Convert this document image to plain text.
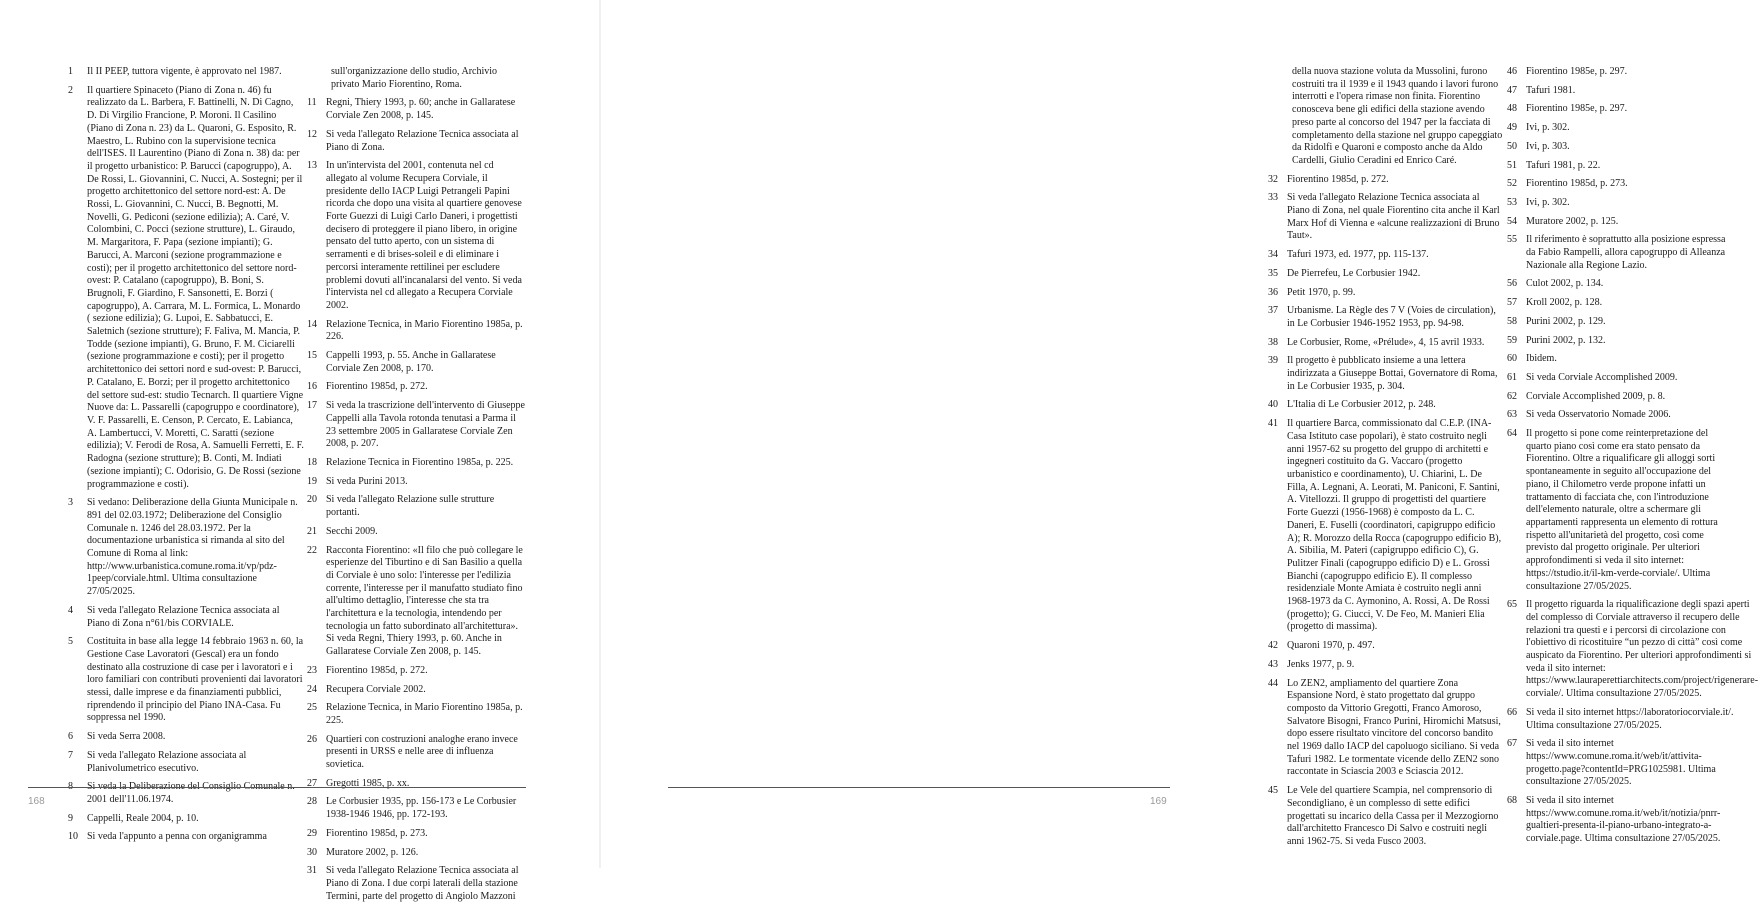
1	Il II PEEP, tuttora vigente, è approvato nel 1987.
2	Il quartiere Spinaceto (Piano di Zona n. 46) fu realizzato da L. Barbera, F. Battinelli, N. Di Cagno, D. Di Virgilio Francione, P. Moroni. Il Casilino (Piano di Zona n. 23) da L. Quaroni, G. Esposito, R. Maestro, L. Rubino con la supervisione tecnica dell'ISES. Il Laurentino (Piano di Zona n. 38) da: per il progetto urbanistico: P. Barucci (capogruppo), A. De Rossi, L. Giovannini, C. Nucci, A. Sostegni; per il progetto architettonico del settore nord-est: A. De Rossi, L. Giovannini, C. Nucci, B. Begnotti, M. Novelli, G. Pediconi (sezione edilizia); A. Caré, V. Colombini, C. Pocci (sezione strutture), L. Giraudo, M. Margaritora, F. Papa (sezione impianti); G. Barucci, A. Marconi (sezione programmazione e costi); per il progetto architettonico del settore nord-ovest: P. Catalano (capogruppo), B. Boni, S. Brugnoli, F. Giardino, F. Sansonetti, E. Borzi ( capogruppo), A. Carrara, M. L. Formica, L. Monardo ( sezione edilizia); G. Lupoi, E. Sabbatucci, E. Saletnich (sezione strutture); F. Faliva, M. Mancia, P. Todde (sezione impianti), G. Bruno, F. M. Ciciarelli (sezione programmazione e costi); per il progetto architettonico dei settori nord e sud-ovest: P. Barucci, P. Catalano, E. Borzi; per il progetto architettonico del settore sud-est: studio Tecnarch. Il quartiere Vigne Nuove da: L. Passarelli (capogruppo e coordinatore), V. F. Passarelli, E. Censon, P. Cercato, E. Labianca, A. Lambertucci, V. Moretti, C. Saratti (sezione edilizia); V. Ferodi de Rosa, A. Samuelli Ferretti, E. F. Radogna (sezione strutture); B. Conti, M. Indiati (sezione impianti); C. Odorisio, G. De Rossi (sezione programmazione e costi).
3	Si vedano: Deliberazione della Giunta Municipale n. 891 del 02.03.1972; Deliberazione del Consiglio Comunale n. 1246 del 28.03.1972. Per la documentazione urbanistica si rimanda al sito del Comune di Roma al link: http://www.urbanistica.comune.roma.it/vp/pdz-1peep/corviale.html. Ultima consultazione 27/05/2025.
4	Si veda l'allegato Relazione Tecnica associata al Piano di Zona n°61/bis CORVIALE.
5	Costituita in base alla legge 14 febbraio 1963 n. 60, la Gestione Case Lavoratori (Gescal) era un fondo destinato alla costruzione di case per i lavoratori e i loro familiari con contributi provenienti dai lavoratori stessi, dalle imprese e da finanziamenti pubblici, riprendendo il principio del Piano INA-Casa. Fu soppressa nel 1990.
6	Si veda Serra 2008.
7	Si veda l'allegato Relazione associata al Planivolumetrico esecutivo.
8	Si veda la Deliberazione del Consiglio Comunale n. 2001 dell'11.06.1974.
9	Cappelli, Reale 2004, p. 10.
10 Si veda l'appunto a penna con organigramma
sull'organizzazione dello studio, Archivio privato Mario Fiorentino, Roma.
11 Regni, Thiery 1993, p. 60; anche in Gallaratese Corviale Zen 2008, p. 145.
12 Si veda l'allegato Relazione Tecnica associata al Piano di Zona.
13 In un'intervista del 2001, contenuta nel cd allegato al volume Recupera Corviale, il presidente dello IACP Luigi Petrangeli Papini ricorda che dopo una visita al quartiere genovese Forte Guezzi di Luigi Carlo Daneri, i progettisti decisero di proteggere il piano libero, in origine pensato del tutto aperto, con un sistema di serramenti e di brises-soleil e di eliminare i percorsi interamente rettilinei per escludere problemi dovuti all'incanalarsi del vento. Si veda l'intervista nel cd allegato a Recupera Corviale 2002.
14 Relazione Tecnica, in Mario Fiorentino 1985a, p. 226.
15 Cappelli 1993, p. 55. Anche in Gallaratese Corviale Zen 2008, p. 170.
16 Fiorentino 1985d, p. 272.
17 Si veda la trascrizione dell'intervento di Giuseppe Cappelli alla Tavola rotonda tenutasi a Parma il 23 settembre 2005 in Gallaratese Corviale Zen 2008, p. 207.
18 Relazione Tecnica in Fiorentino 1985a, p. 225.
19 Si veda Purini 2013.
20 Si veda l'allegato Relazione sulle strutture portanti.
21 Secchi 2009.
22 Racconta Fiorentino: «Il filo che può collegare le esperienze del Tiburtino e di San Basilio a quella di Corviale è uno solo: l'interesse per l'edilizia corrente, l'interesse per il manufatto studiato fino all'ultimo dettaglio, l'interesse che sta tra l'architettura e la tecnologia, intendendo per tecnologia un fatto subordinato all'architettura». Si veda Regni, Thiery 1993, p. 60. Anche in Gallaratese Corviale Zen 2008, p. 145.
23 Fiorentino 1985d, p. 272.
24 Recupera Corviale 2002.
25 Relazione Tecnica, in Mario Fiorentino 1985a, p. 225.
26 Quartieri con costruzioni analoghe erano invece presenti in URSS e nelle aree di influenza sovietica.
27 Gregotti 1985, p. xx.
28 Le Corbusier 1935, pp. 156-173 e Le Corbusier 1938-1946 1946, pp. 172-193.
29 Fiorentino 1985d, p. 273.
30 Muratore 2002, p. 126.
31 Si veda l'allegato Relazione Tecnica associata al Piano di Zona. I due corpi laterali della stazione Termini, parte del progetto di Angiolo Mazzoni
della nuova stazione voluta da Mussolini, furono costruiti tra il 1939 e il 1943 quando i lavori furono interrotti e l'opera rimase non finita. Fiorentino conosceva bene gli edifici della stazione avendo preso parte al concorso del 1947 per la facciata di completamento della stazione nel gruppo capeggiato da Ridolfi e Quaroni e composto anche da Aldo Cardelli, Giulio Ceradini ed Enrico Caré.
32 Fiorentino 1985d, p. 272.
33 Si veda l'allegato Relazione Tecnica associata al Piano di Zona, nel quale Fiorentino cita anche il Karl Marx Hof di Vienna e «alcune realizzazioni di Bruno Taut».
34 Tafuri 1973, ed. 1977, pp. 115-137.
35 De Pierrefeu, Le Corbusier 1942.
36 Petit 1970, p. 99.
37 Urbanisme. La Règle des 7 V (Voies de circulation), in Le Corbusier 1946-1952 1953, pp. 94-98.
38 Le Corbusier, Rome, «Prélude», 4, 15 avril 1933.
39 Il progetto è pubblicato insieme a una lettera indirizzata a Giuseppe Bottai, Governatore di Roma, in Le Corbusier 1935, p. 304.
40 L'Italia di Le Corbusier 2012, p. 248.
41 Il quartiere Barca, commissionato dal C.E.P. (INA-Casa Istituto case popolari), è stato costruito negli anni 1957-62 su progetto del gruppo di architetti e ingegneri costituito da G. Vaccaro (progetto urbanistico e coordinamento), U. Chiarini, L. De Filla, A. Legnani, A. Leorati, M. Paniconi, F. Santini, A. Vitellozzi. Il gruppo di progettisti del quartiere Forte Guezzi (1956-1968) è composto da L. C. Daneri, E. Fuselli (coordinatori, capigruppo edificio A); R. Morozzo della Rocca (capogruppo edificio B), A. Sibilia, M. Pateri (capigruppo edificio C), G. Pulitzer Finali (capogruppo edificio D) e L. Grossi Bianchi (capogruppo edificio E). Il complesso residenziale Monte Amiata è costruito negli anni 1968-1973 da C. Aymonino, A. Rossi, A. De Rossi (progetto); G. Ciucci, V. De Feo, M. Manieri Elia (progetto di massima).
42 Quaroni 1970, p. 497.
43 Jenks 1977, p. 9.
44 Lo ZEN2, ampliamento del quartiere Zona Espansione Nord, è stato progettato dal gruppo composto da Vittorio Gregotti, Franco Amoroso, Salvatore Bisogni, Franco Purini, Hiromichi Matsusi, dopo essere risultato vincitore del concorso bandito nel 1969 dallo IACP del capoluogo siciliano. Si veda Tafuri 1982. Le tormentate vicende dello ZEN2 sono raccontate in Sciascia 2003 e Sciascia 2012.
45 Le Vele del quartiere Scampia, nel comprensorio di Secondigliano, è un complesso di sette edifici progettati su incarico della Cassa per il Mezzogiorno dall'architetto Francesco Di Salvo e costruiti negli anni 1962-75. Si veda Fusco 2003.
46 Fiorentino 1985e, p. 297.
47 Tafuri 1981.
48 Fiorentino 1985e, p. 297.
49 Ivi, p. 302.
50 Ivi, p. 303.
51 Tafuri 1981, p. 22.
52 Fiorentino 1985d, p. 273.
53 Ivi, p. 302.
54 Muratore 2002, p. 125.
55 Il riferimento è soprattutto alla posizione espressa da Fabio Rampelli, allora capogruppo di Alleanza Nazionale alla Regione Lazio.
56 Culot 2002, p. 134.
57 Kroll 2002, p. 128.
58 Purini 2002, p. 129.
59 Purini 2002, p. 132.
60 Ibidem.
61 Si veda Corviale Accomplished 2009.
62 Corviale Accomplished 2009, p. 8.
63 Si veda Osservatorio Nomade 2006.
64 Il progetto si pone come reinterpretazione del quarto piano così come era stato pensato da Fiorentino. Oltre a riqualificare gli alloggi sorti spontaneamente in seguito all'occupazione del piano, il Chilometro verde propone infatti un trattamento di facciata che, con l'introduzione dell'elemento naturale, oltre a schermare gli appartamenti rappresenta un elemento di rottura rispetto all'unitarietà del progetto, così come previsto dal progetto originale. Per ulteriori approfondimenti si veda il sito internet: https://tstudio.it/il-km-verde-corviale/. Ultima consultazione 27/05/2025.
65 Il progetto riguarda la riqualificazione degli spazi aperti del complesso di Corviale attraverso il recupero delle relazioni tra questi e i percorsi di circolazione con l'obiettivo di ricostituire “un pezzo di città” così come auspicato da Fiorentino. Per ulteriori approfondimenti si veda il sito internet: https://www.lauraperettiarchitects.com/project/rigenerare-corviale/. Ultima consultazione 27/05/2025.
66 Si veda il sito internet https://laboratoriocorviale.it/. Ultima consultazione 27/05/2025.
67 Si veda il sito internet https://www.comune.roma.it/web/it/attivita-progetto.page?contentId=PRG1025981. Ultima consultazione 27/05/2025.
68 Si veda il sito internet https://www.comune.roma.it/web/it/notizia/pnrr-gualtieri-presenta-il-piano-urbano-integrato-a-corviale.page. Ultima consultazione 27/05/2025.
168	169
